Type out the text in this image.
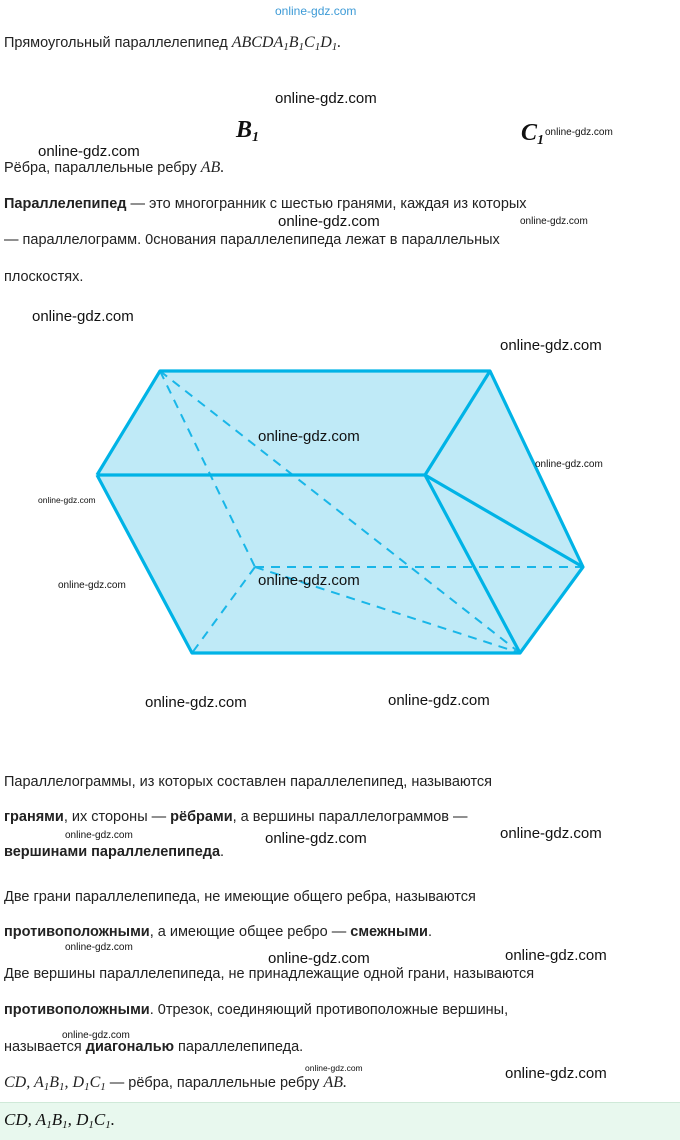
Прямоугольный параллелепипед $ABCDA_1B_1C_1D_1$.
Рёбра, параллельные ребру AB.
Параллелепипед — это многогранник с шестью гранями, каждая из которых
— параллелограмм. 0снования параллелепипеда лежат в параллельных
плоскостях.
Параллелограммы, из которых составлен параллелепипед, называются
гранями, их стороны — рёбрами, а вершины параллелограммов —
вершинами параллелепипеда.
Две грани параллелепипеда, не имеющие общего ребра, называются
противоположными, а имеющие общее ребро — смежными.
Две вершины параллелепипеда, не принадлежащие одной грани, называются
противоположными. 0трезок, соединяющий противоположные вершины,
называется диагональю параллелепипеда.
CD, $A_1B_1$, $D_1C_1$ — рёбра, параллельные ребру AB.
$B_1$	$C_1$
online-gdz.com
online-gdz.com
online-gdz.com
online-gdz.com
online-gdz.com	online-gdz.com
online-gdz.com
online-gdz.com
online-gdz.com
online-gdz.com
online-gdz.com
online-gdz.com	online-gdz.com
online-gdz.com	online-gdz.com
online-gdz.com	online-gdz.com	online-gdz.com
online-gdz.com
online-gdz.com	online-gdz.com
online-gdz.com
online-gdz.com	online-gdz.com
CD, $A_1B_1$, $D_1C_1$.
